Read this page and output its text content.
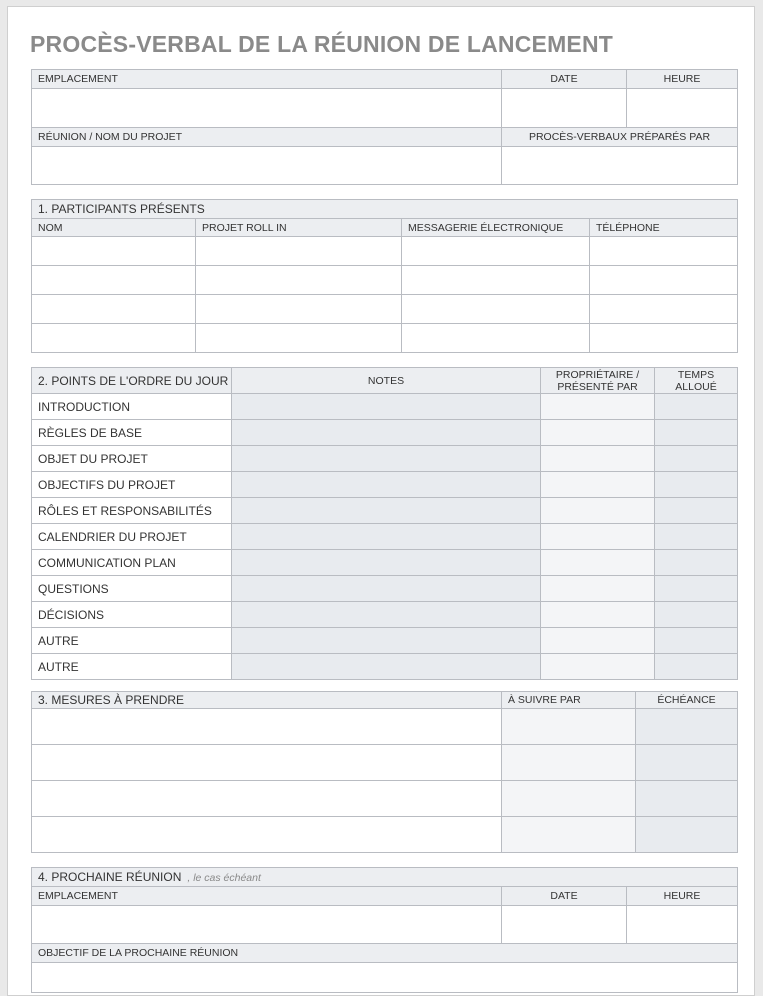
PROCÈS-VERBAL DE LA RÉUNION DE LANCEMENT
EMPLACEMENT	DATE	HEURE

RÉUNION / NOM DU PROJET	PROCÈS-VERBAUX PRÉPARÉS PAR	

1. PARTICIPANTS PRÉSENTS			
NOM	PROJET ROLL IN	MESSAGERIE ÉLECTRONIQUE	TÉLÉPHONE

2. POINTS DE L'ORDRE DU JOUR	NOTES	PROPRIÉTAIRE / PRÉSENTÉ PAR	TEMPS ALLOUÉ
INTRODUCTION			
RÈGLES DE BASE			
OBJET DU PROJET			
OBJECTIFS DU PROJET			
RÔLES ET RESPONSABILITÉS			
CALENDRIER DU PROJET			
COMMUNICATION PLAN			
QUESTIONS			
DÉCISIONS			
AUTRE			
AUTRE			
3. MESURES À PRENDRE	À SUIVRE PAR	ÉCHÉANCE

4. PROCHAINE RÉUNION , le cas échéant		
EMPLACEMENT	DATE	HEURE

OBJECTIF DE LA PROCHAINE RÉUNION		
